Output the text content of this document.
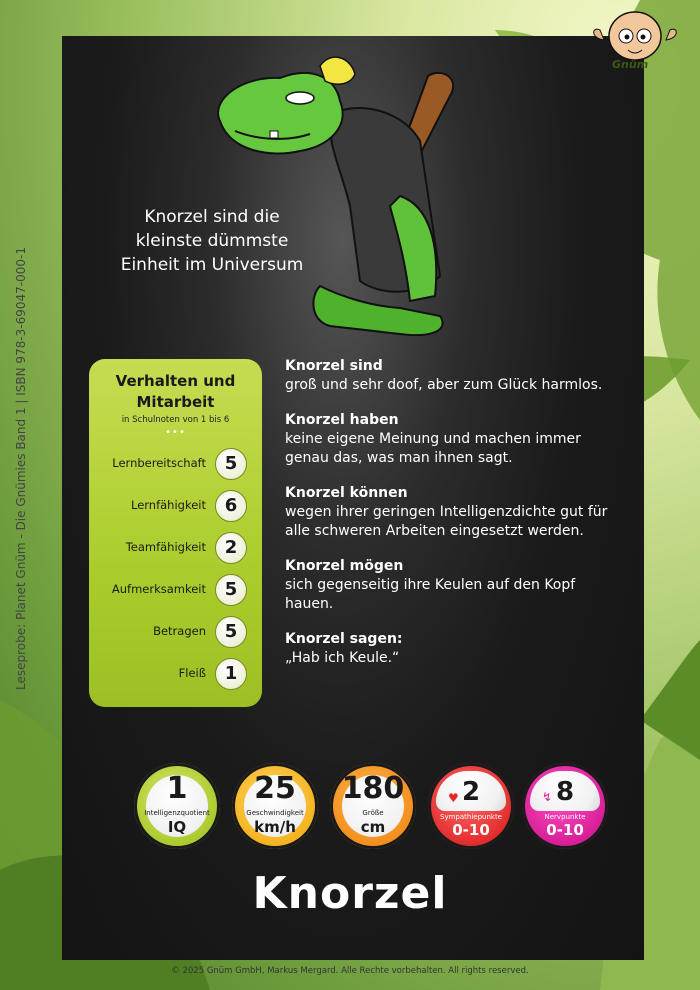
Gnüm
Leseprobe: Planet Gnüm - Die Gnümies Band 1 | ISBN 978-3-69047-000-1
Knorzel sind die kleinste dümmste Einheit im Universum
Verhalten und Mitarbeit
in Schulnoten von 1 bis 6
•••
Lernbereitschaft	5
Lernfähigkeit	6
Teamfähigkeit	2
Aufmerksamkeit	5
Betragen	5
Fleiß	1
Knorzel sind
groß und sehr doof, aber zum Glück harmlos.
Knorzel haben
keine eigene Meinung und machen immer genau das, was man ihnen sagt.
Knorzel können
wegen ihrer geringen Intelligenzdichte gut für alle schweren Arbeiten eingesetzt werden.
Knorzel mögen
sich gegenseitig ihre Keulen auf den Kopf hauen.
Knorzel sagen:
„Hab ich Keule.“
1
Intelligenzquotient
IQ
25
Geschwindigkeit
km/h
180
Größe
cm
♥ 2
Sympathiepunkte
0-10
↯ 8
Nervpunkte
0-10
Knorzel
© 2025 Gnüm GmbH, Markus Mergard. Alle Rechte vorbehalten. All rights reserved.
